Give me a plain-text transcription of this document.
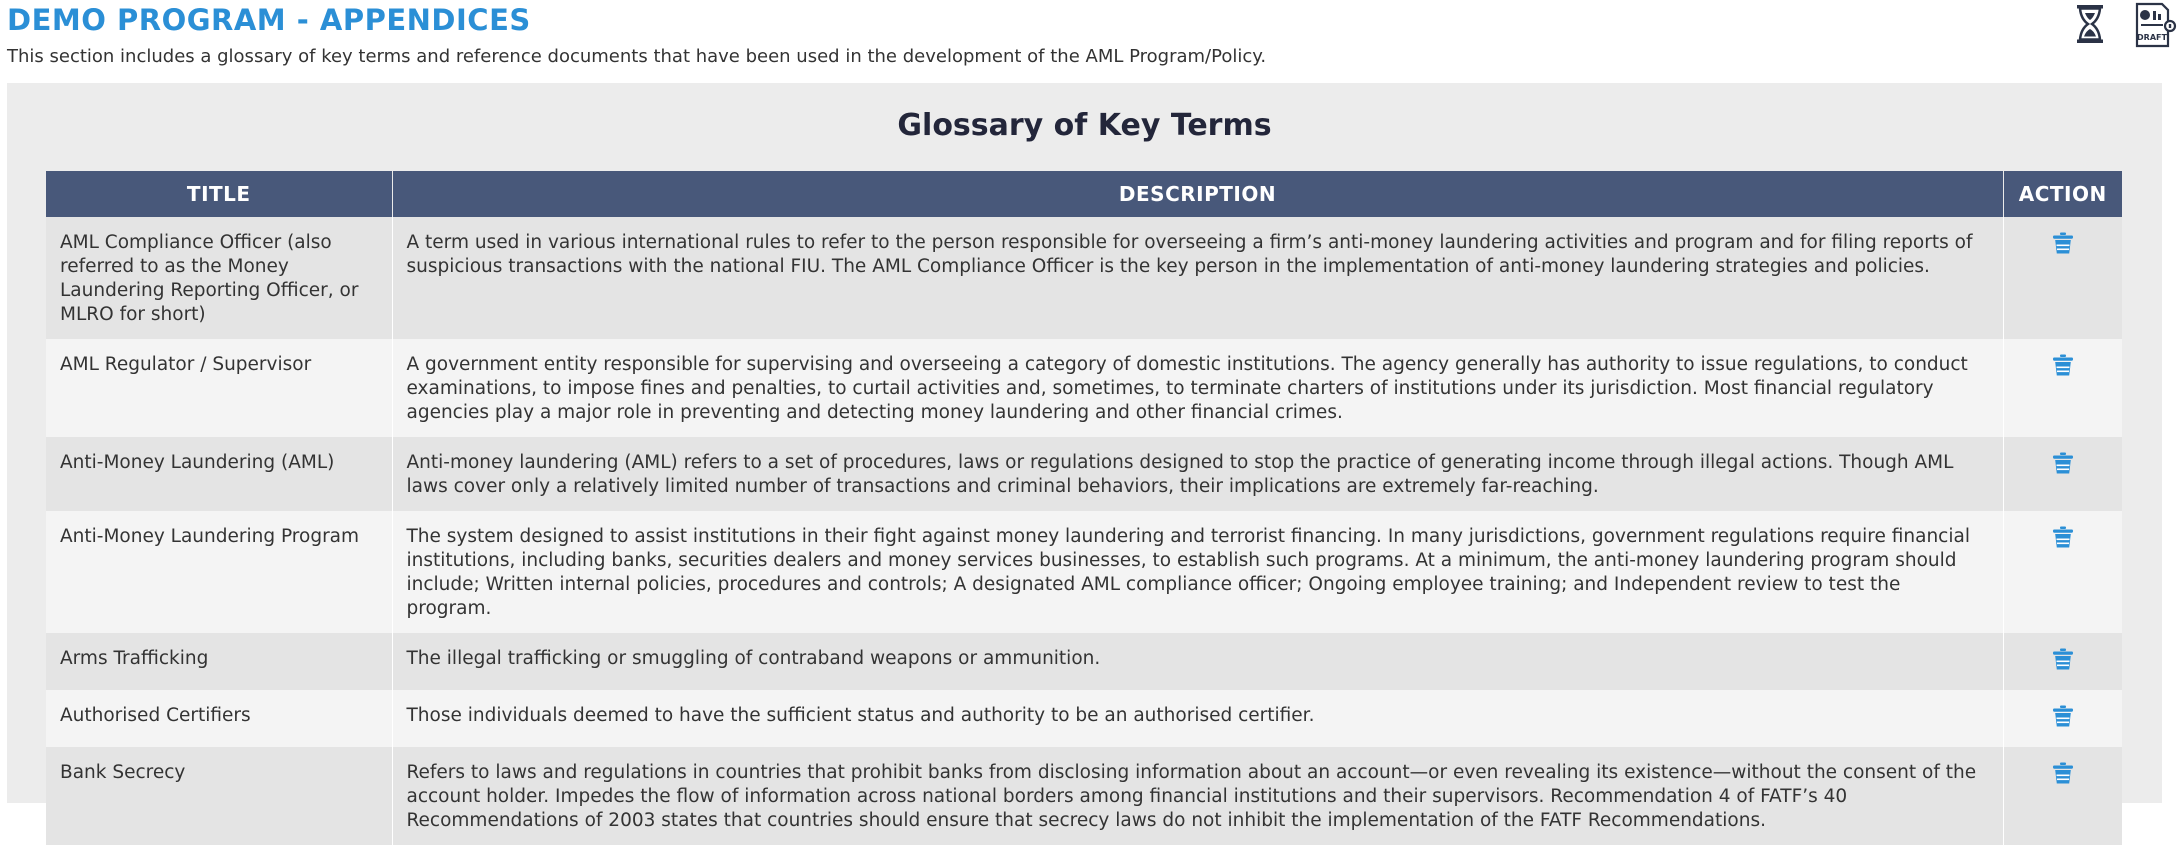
DEMO PROGRAM - APPENDICES
This section includes a glossary of key terms and reference documents that have been used in the development of the AML Program/Policy.
DRAFT
Glossary of Key Terms
TITLE	DESCRIPTION	ACTION
AML Compliance Officer (also referred to as the Money Laundering Reporting Officer, or MLRO for short)	A term used in various international rules to refer to the person responsible for overseeing a firm’s anti-money laundering activities and program and for filing reports of suspicious transactions with the national FIU. The AML Compliance Officer is the key person in the implementation of anti-money laundering strategies and policies.	
AML Regulator / Supervisor	A government entity responsible for supervising and overseeing a category of domestic institutions. The agency generally has authority to issue regulations, to conduct examinations, to impose fines and penalties, to curtail activities and, sometimes, to terminate charters of institutions under its jurisdiction. Most financial regulatory agencies play a major role in preventing and detecting money laundering and other financial crimes.	
Anti-Money Laundering (AML)	Anti-money laundering (AML) refers to a set of procedures, laws or regulations designed to stop the practice of generating income through illegal actions. Though AML laws cover only a relatively limited number of transactions and criminal behaviors, their implications are extremely far-reaching.	
Anti-Money Laundering Program	The system designed to assist institutions in their fight against money laundering and terrorist financing. In many jurisdictions, government regulations require financial institutions, including banks, securities dealers and money services businesses, to establish such programs. At a minimum, the anti-money laundering program should include; Written internal policies, procedures and controls; A designated AML compliance officer; Ongoing employee training; and Independent review to test the program.	
Arms Trafficking	The illegal trafficking or smuggling of contraband weapons or ammunition.	
Authorised Certifiers	Those individuals deemed to have the sufficient status and authority to be an authorised certifier.	
Bank Secrecy	Refers to laws and regulations in countries that prohibit banks from disclosing information about an account—or even revealing its existence—without the consent of the account holder. Impedes the flow of information across national borders among financial institutions and their supervisors. Recommendation 4 of FATF’s 40 Recommendations of 2003 states that countries should ensure that secrecy laws do not inhibit the implementation of the FATF Recommendations.	
